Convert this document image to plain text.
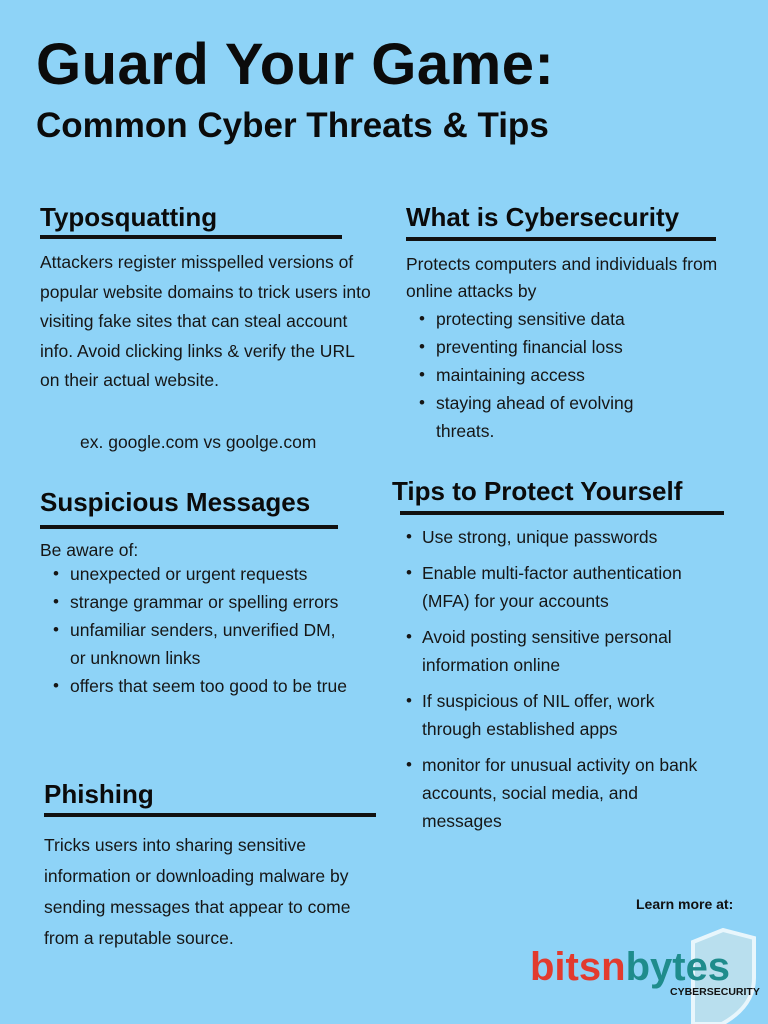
Guard Your Game:
Common Cyber Threats & Tips
Typosquatting
Attackers register misspelled versions of popular website domains to trick users into visiting fake sites that can steal account info. Avoid clicking links & verify the URL on their actual website.
ex. google.com vs goolge.com
Suspicious Messages
Be aware of:
• unexpected or urgent requests
• strange grammar or spelling errors
• unfamiliar senders, unverified DM, or unknown links
• offers that seem too good to be true
Phishing
Tricks users into sharing sensitive information or downloading malware by sending messages that appear to come from a reputable source.
What is Cybersecurity
Protects computers and individuals from online attacks by
• protecting sensitive data
• preventing financial loss
• maintaining access
• staying ahead of evolving threats.
Tips to Protect Yourself
• Use strong, unique passwords
• Enable multi-factor authentication (MFA) for your accounts
• Avoid posting sensitive personal information online
• If suspicious of NIL offer, work through established apps
• monitor for unusual activity on bank accounts, social media, and messages
Learn more at:
bitsnbytes
CYBERSECURITY
